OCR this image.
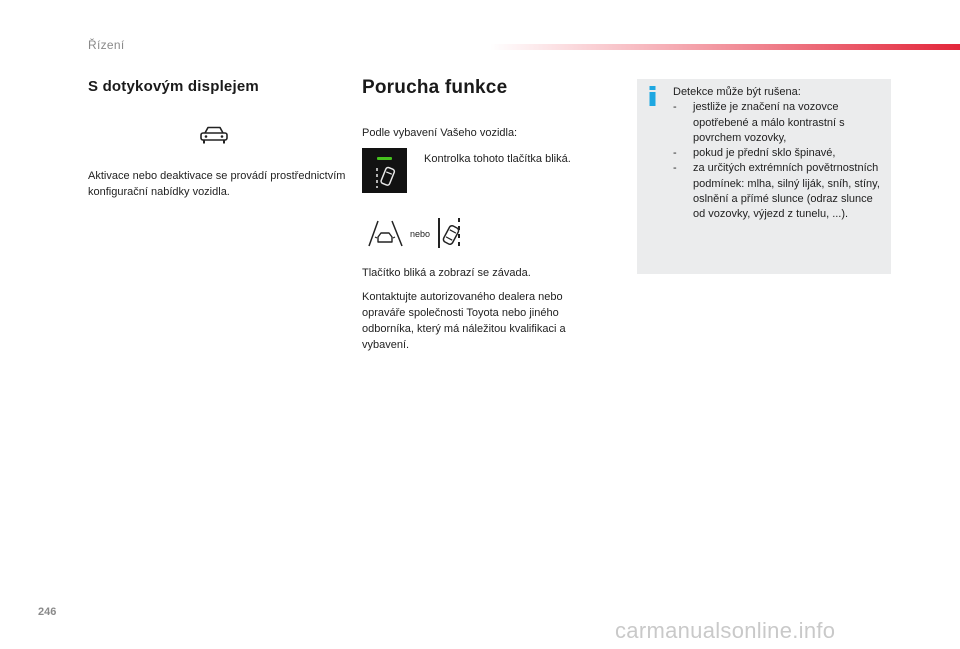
Řízení
S dotykovým displejem
Aktivace nebo deaktivace se provádí prostřednictvím konfigurační nabídky vozidla.
Porucha funkce
Podle vybavení Vašeho vozidla:
Kontrolka tohoto tlačítka bliká.
nebo
Tlačítko bliká a zobrazí se závada.
Kontaktujte autorizovaného dealera nebo opraváře společnosti Toyota nebo jiného odborníka, který má náležitou kvalifikaci a vybavení.
Detekce může být rušena:
-	jestliže je značení na vozovce opotřebené a málo kontrastní s povrchem vozovky,
-	pokud je přední sklo špinavé,
-	za určitých extrémních povětrnostních podmínek: mlha, silný liják, sníh, stíny, oslnění a přímé slunce (odraz slunce od vozovky, výjezd z tunelu, ...).
246
carmanualsonline.info
